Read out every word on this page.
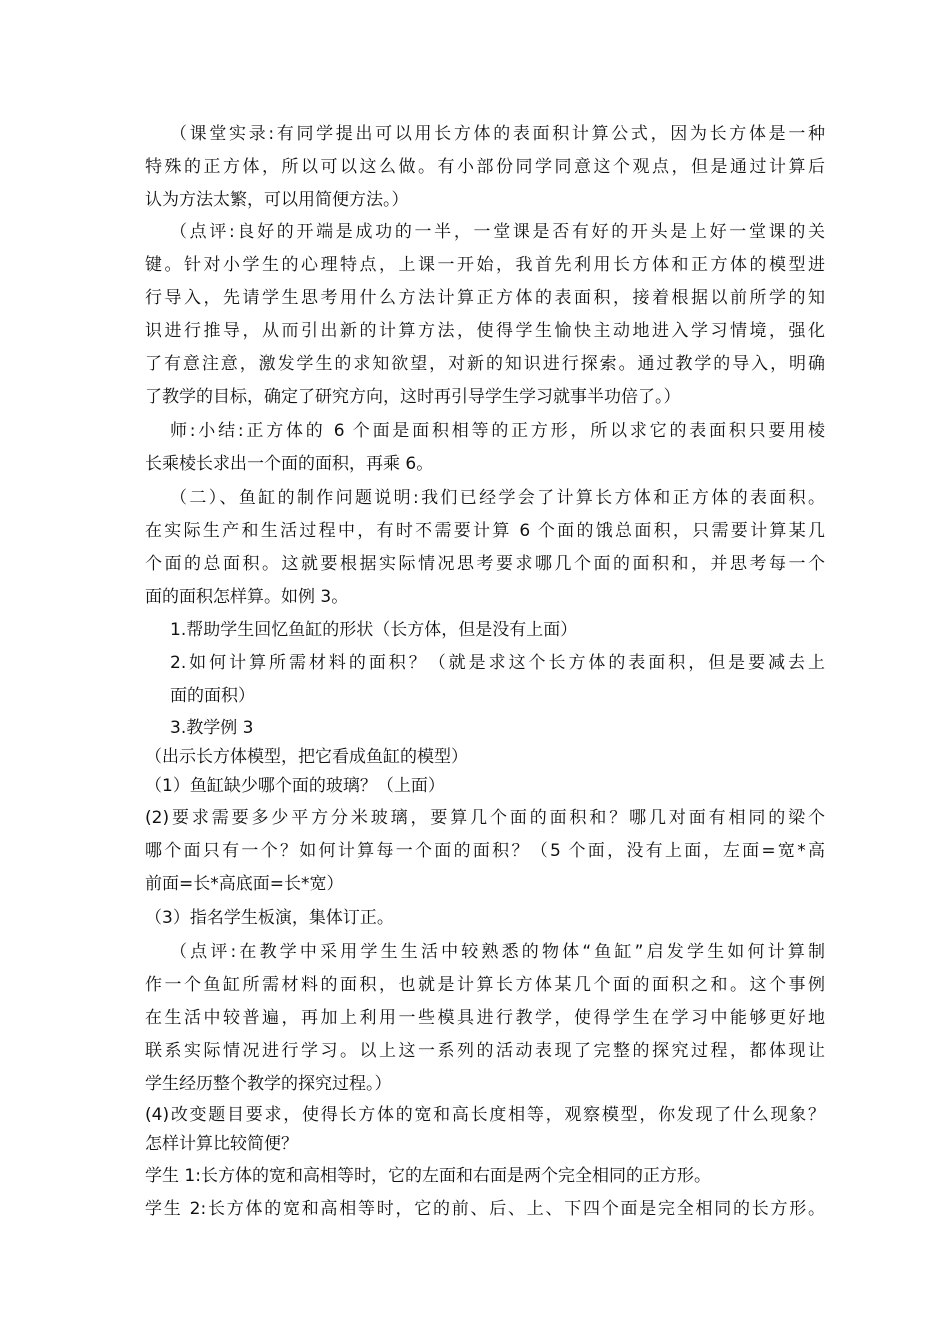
（课堂实录:有同学提出可以用长方体的表面积计算公式，因为长方体是一种
特殊的正方体，所以可以这么做。有小部份同学同意这个观点，但是通过计算后
认为方法太繁，可以用简便方法。）
（点评:良好的开端是成功的一半，一堂课是否有好的开头是上好一堂课的关
键。针对小学生的心理特点，上课一开始，我首先利用长方体和正方体的模型进
行导入，先请学生思考用什么方法计算正方体的表面积，接着根据以前所学的知
识进行推导，从而引出新的计算方法，使得学生愉快主动地进入学习情境，强化
了有意注意，激发学生的求知欲望，对新的知识进行探索。通过教学的导入，明确
了教学的目标，确定了研究方向，这时再引导学生学习就事半功倍了。）
师:小结:正方体的 6 个面是面积相等的正方形，所以求它的表面积只要用棱
长乘棱长求出一个面的面积，再乘 6。
（二）、鱼缸的制作问题说明:我们已经学会了计算长方体和正方体的表面积。
在实际生产和生活过程中，有时不需要计算 6 个面的饿总面积，只需要计算某几
个面的总面积。这就要根据实际情况思考要求哪几个面的面积和，并思考每一个
面的面积怎样算。如例 3。
1.帮助学生回忆鱼缸的形状（长方体，但是没有上面）
2.如何计算所需材料的面积？（就是求这个长方体的表面积，但是要减去上
面的面积）
3.教学例 3
（出示长方体模型，把它看成鱼缸的模型）
（1）鱼缸缺少哪个面的玻璃？（上面）
(2)要求需要多少平方分米玻璃，要算几个面的面积和？哪几对面有相同的梁个
哪个面只有一个？如何计算每一个面的面积？（5 个面，没有上面，左面=宽*高
前面=长*高底面=长*宽）
（3）指名学生板演，集体订正。
（点评:在教学中采用学生生活中较熟悉的物体“鱼缸”启发学生如何计算制
作一个鱼缸所需材料的面积，也就是计算长方体某几个面的面积之和。这个事例
在生活中较普遍，再加上利用一些模具进行教学，使得学生在学习中能够更好地
联系实际情况进行学习。以上这一系列的活动表现了完整的探究过程，都体现让
学生经历整个教学的探究过程。）
(4)改变题目要求，使得长方体的宽和高长度相等，观察模型，你发现了什么现象？
怎样计算比较简便？
学生 1:长方体的宽和高相等时，它的左面和右面是两个完全相同的正方形。
学生 2:长方体的宽和高相等时，它的前、后、上、下四个面是完全相同的长方形。
